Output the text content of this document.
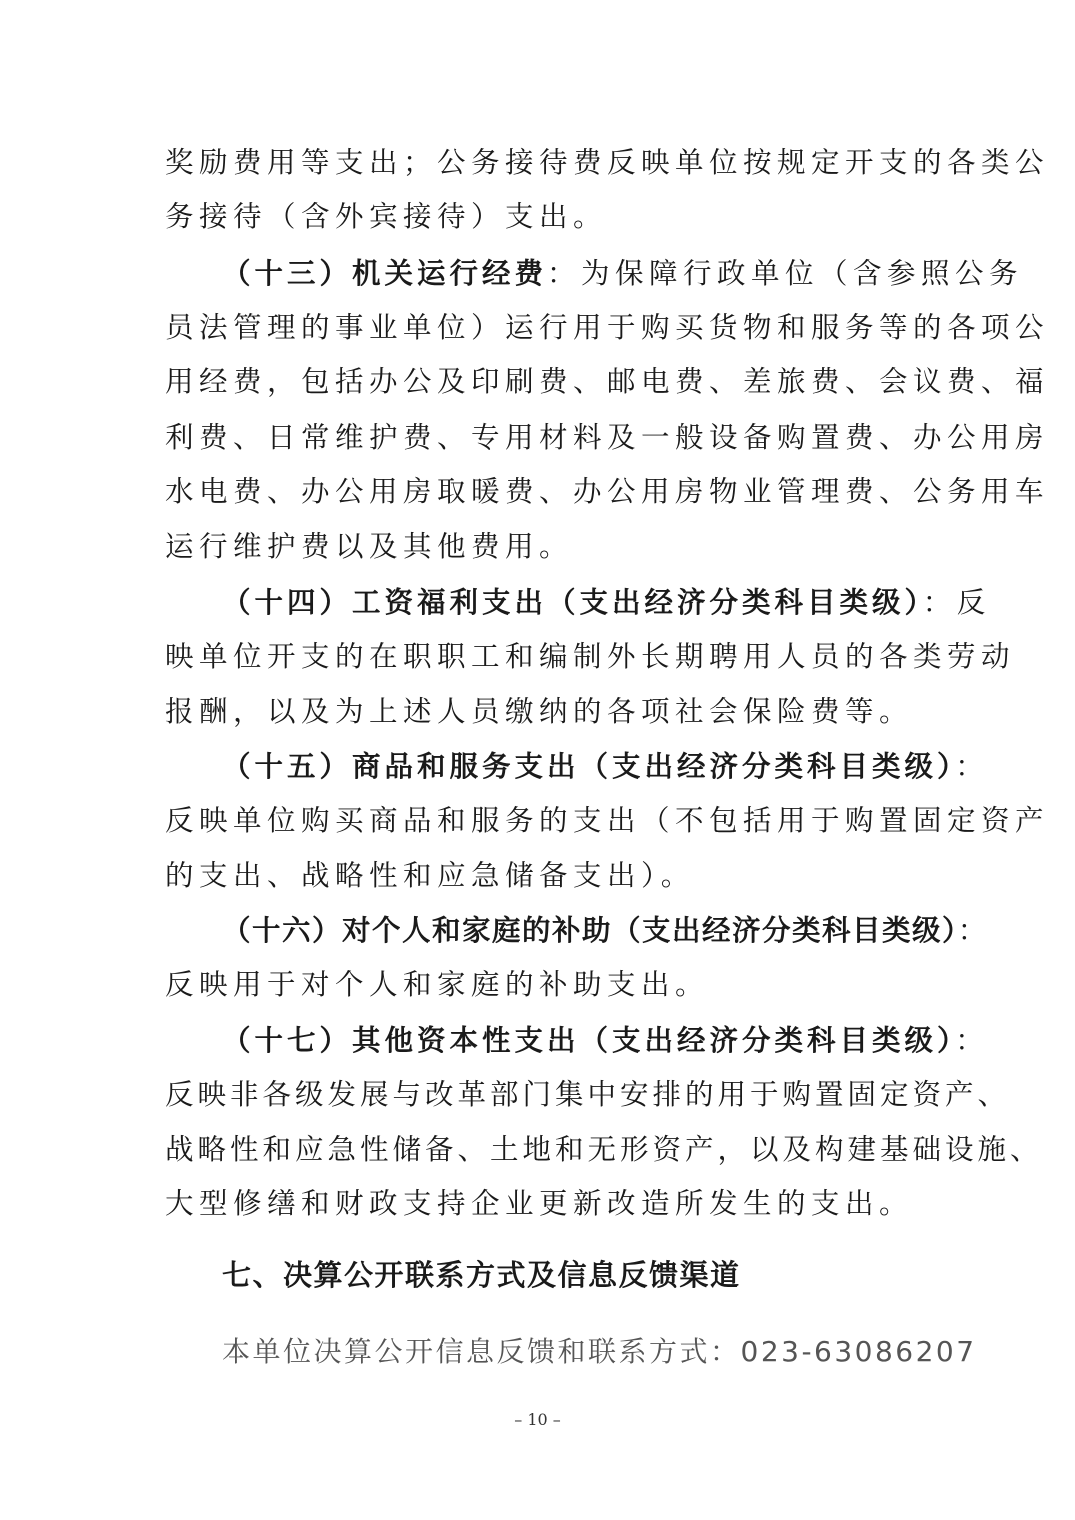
奖励费用等支出；公务接待费反映单位按规定开支的各类公
务接待（含外宾接待）支出。
（十三）机关运行经费：为保障行政单位（含参照公务
员法管理的事业单位）运行用于购买货物和服务等的各项公
用经费，包括办公及印刷费、邮电费、差旅费、会议费、福
利费、日常维护费、专用材料及一般设备购置费、办公用房
水电费、办公用房取暖费、办公用房物业管理费、公务用车
运行维护费以及其他费用。
（十四）工资福利支出（支出经济分类科目类级）：反
映单位开支的在职职工和编制外长期聘用人员的各类劳动
报酬，以及为上述人员缴纳的各项社会保险费等。
（十五）商品和服务支出（支出经济分类科目类级）：
反映单位购买商品和服务的支出（不包括用于购置固定资产
的支出、战略性和应急储备支出）。
（十六）对个人和家庭的补助（支出经济分类科目类级）：
反映用于对个人和家庭的补助支出。
（十七）其他资本性支出（支出经济分类科目类级）：
反映非各级发展与改革部门集中安排的用于购置固定资产、
战略性和应急性储备、土地和无形资产，以及构建基础设施、
大型修缮和财政支持企业更新改造所发生的支出。
七、决算公开联系方式及信息反馈渠道
本单位决算公开信息反馈和联系方式：023-63086207
– 10 –
